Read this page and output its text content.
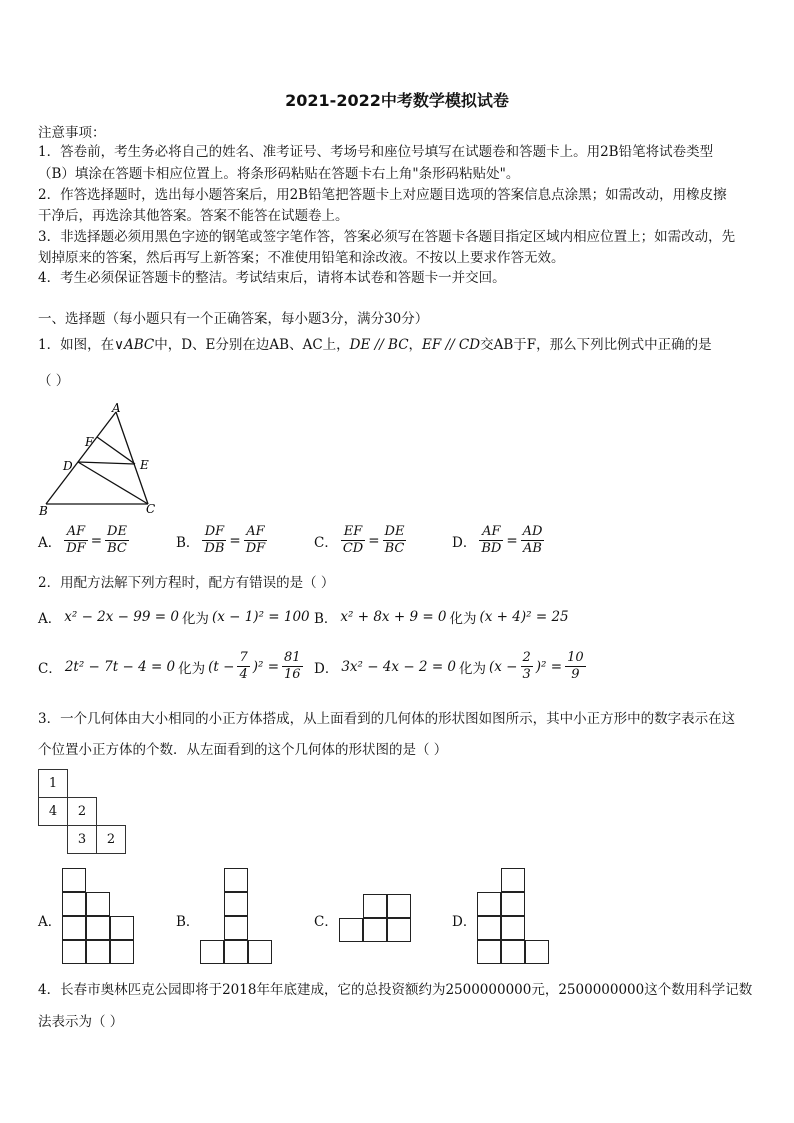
2021-2022中考数学模拟试卷
注意事项：
1．答卷前，考生务必将自己的姓名、准考证号、考场号和座位号填写在试题卷和答题卡上。用2B铅笔将试卷类型
（B）填涂在答题卡相应位置上。将条形码粘贴在答题卡右上角"条形码粘贴处"。
2．作答选择题时，选出每小题答案后，用2B铅笔把答题卡上对应题目选项的答案信息点涂黑；如需改动，用橡皮擦
干净后，再选涂其他答案。答案不能答在试题卷上。
3．非选择题必须用黑色字迹的钢笔或签字笔作答，答案必须写在答题卡各题目指定区域内相应位置上；如需改动，先
划掉原来的答案，然后再写上新答案；不准使用铅笔和涂改液。不按以上要求作答无效。
4．考生必须保证答题卡的整洁。考试结束后，请将本试卷和答题卡一并交回。
一、选择题（每小题只有一个正确答案，每小题3分，满分30分）
1．如图，在∨ABC中，D、E分别在边AB、AC上，DE // BC，EF // CD交AB于F，那么下列比例式中正确的是
（ ）
A
F
D	E
B	C
A． $\frac{AF}{DF} = \frac{DE}{BC}$	B． $\frac{DF}{DB} = \frac{AF}{DF}$	C． $\frac{EF}{CD} = \frac{DE}{BC}$	D． $\frac{AF}{BD} = \frac{AD}{AB}$
2．用配方法解下列方程时，配方有错误的是（ ）
A． x² − 2x − 99 = 0 化为 (x − 1)² = 100 B． x² + 8x + 9 = 0 化为 (x + 4)² = 25
C． 2t² − 7t − 4 = 0 化为 $(t - \frac{7}{4} )^2 = \frac{81}{16}$ D． 3x² − 4x − 2 = 0 化为 $(x - \frac{2}{3} )^2 = \frac{10}{9}$
3．一个几何体由大小相同的小正方体搭成，从上面看到的几何体的形状图如图所示，其中小正方形中的数字表示在这
个位置小正方体的个数．从左面看到的这个几何体的形状图的是（ ）
1		
4	2	
	3	2
A．	B．	C．	D．
4．长春市奥林匹克公园即将于2018年年底建成，它的总投资额约为2500000000元，2500000000这个数用科学记数
法表示为（ ）
